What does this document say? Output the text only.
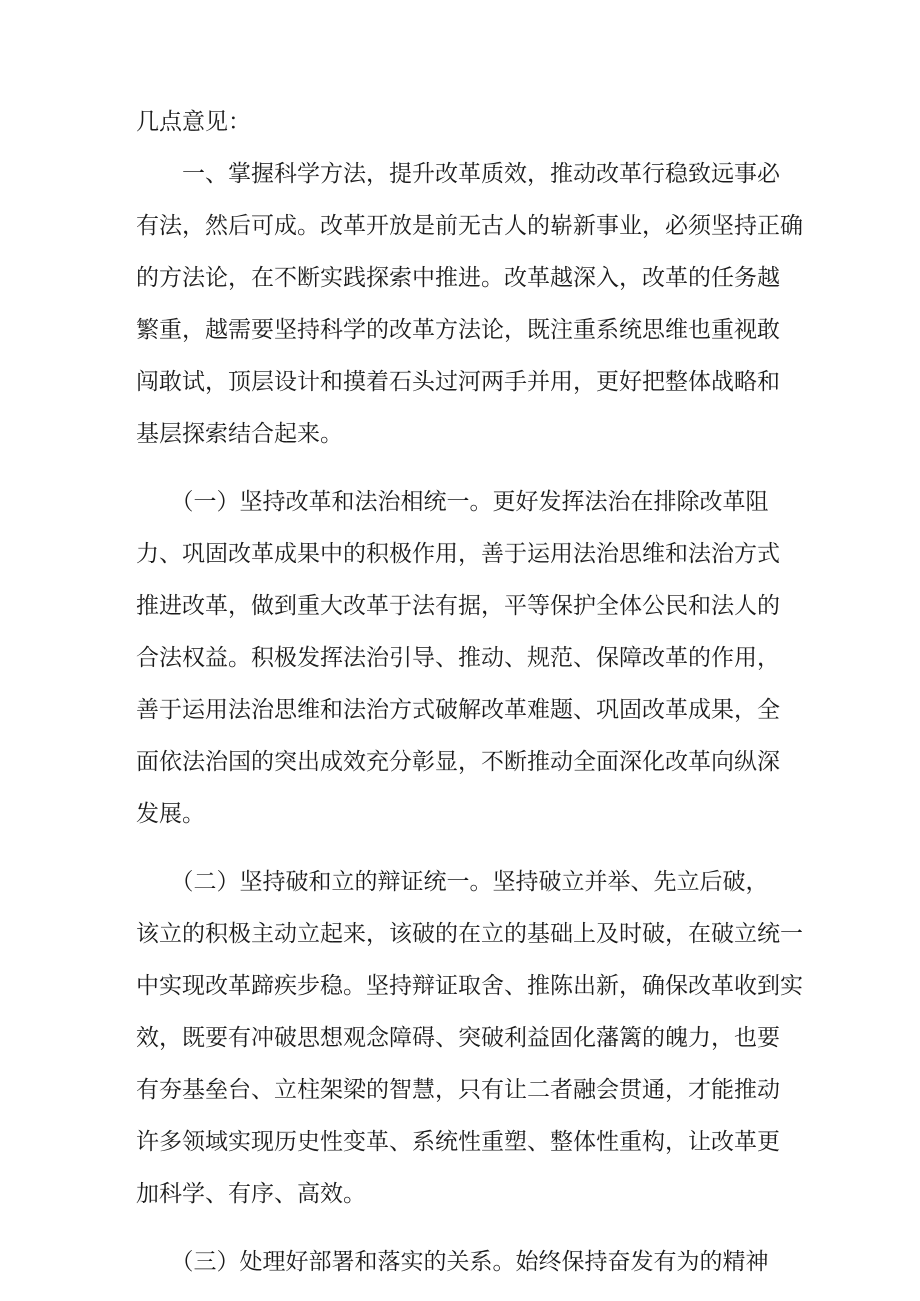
几点意见：
　　一、掌握科学方法，提升改革质效，推动改革行稳致远事必
有法，然后可成。改革开放是前无古人的崭新事业，必须坚持正确
的方法论，在不断实践探索中推进。改革越深入，改革的任务越
繁重，越需要坚持科学的改革方法论，既注重系统思维也重视敢
闯敢试，顶层设计和摸着石头过河两手并用，更好把整体战略和
基层探索结合起来。
　　（一）坚持改革和法治相统一。更好发挥法治在排除改革阻
力、巩固改革成果中的积极作用，善于运用法治思维和法治方式
推进改革，做到重大改革于法有据，平等保护全体公民和法人的
合法权益。积极发挥法治引导、推动、规范、保障改革的作用，
善于运用法治思维和法治方式破解改革难题、巩固改革成果，全
面依法治国的突出成效充分彰显，不断推动全面深化改革向纵深
发展。
　　（二）坚持破和立的辩证统一。坚持破立并举、先立后破，
该立的积极主动立起来，该破的在立的基础上及时破，在破立统一
中实现改革蹄疾步稳。坚持辩证取舍、推陈出新，确保改革收到实
效，既要有冲破思想观念障碍、突破利益固化藩篱的魄力，也要
有夯基垒台、立柱架梁的智慧，只有让二者融会贯通，才能推动
许多领域实现历史性变革、系统性重塑、整体性重构，让改革更
加科学、有序、高效。
　　（三）处理好部署和落实的关系。始终保持奋发有为的精神
